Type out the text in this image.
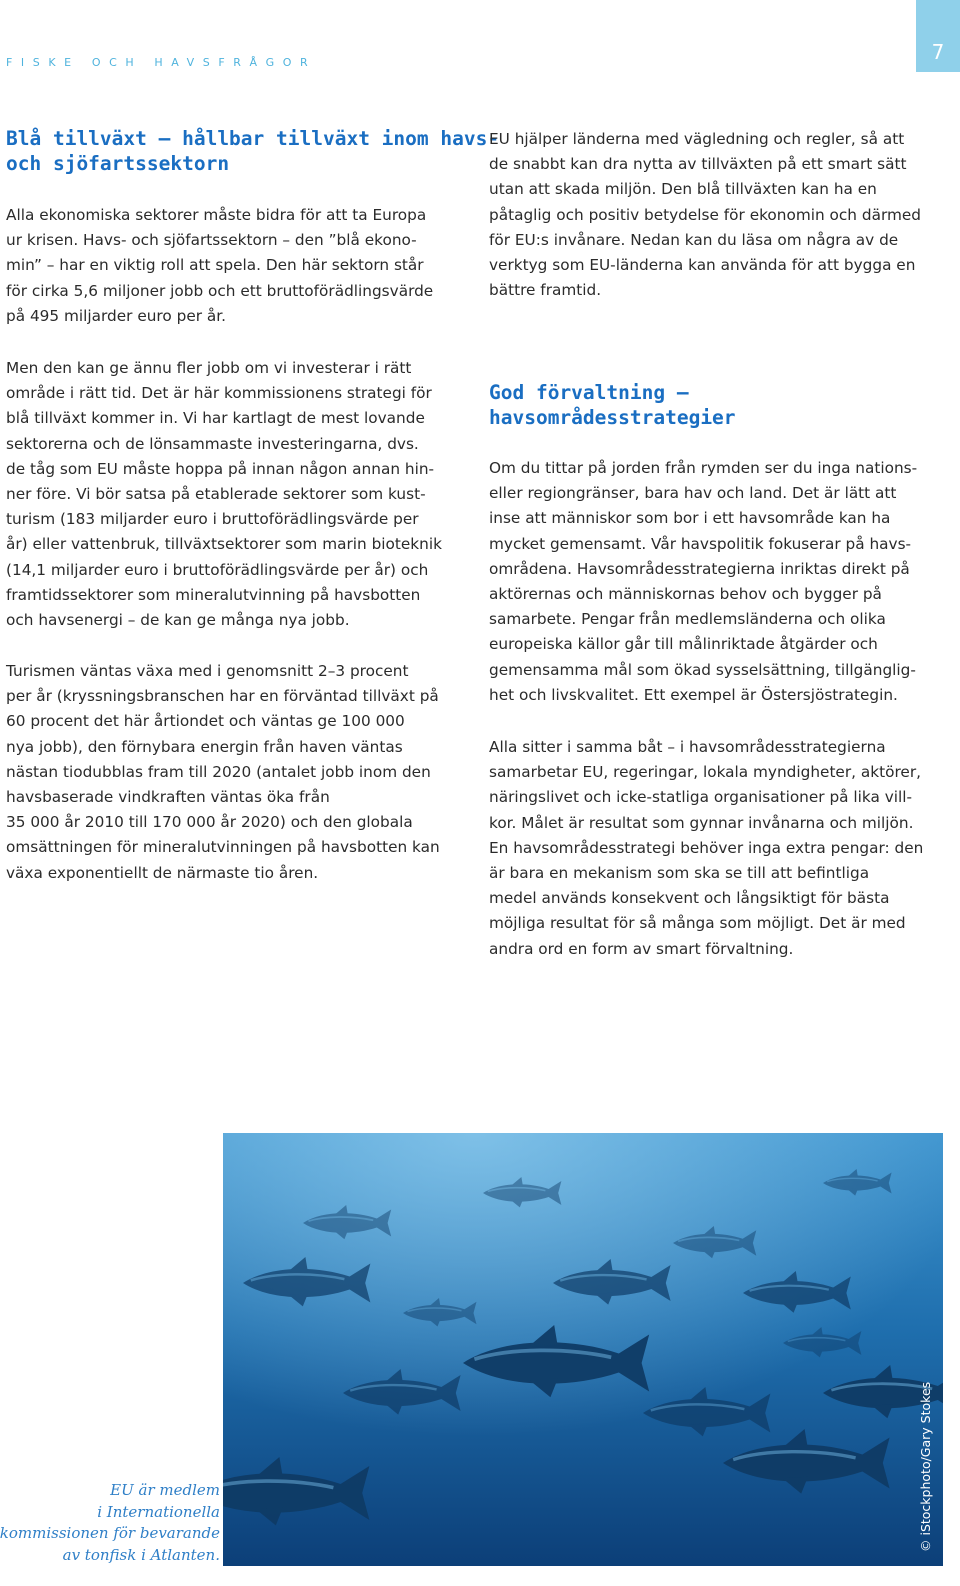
FISKE OCH HAVSFRÅGOR	7
Blå tillväxt – hållbar tillväxt inom havs-
och sjöfartssektorn
Alla ekonomiska sektorer måste bidra för att ta Europa
ur krisen. Havs- och sjöfartssektorn – den ”blå ekono-
min” – har en viktig roll att spela. Den här sektorn står
för cirka 5,6 miljoner jobb och ett bruttoförädlingsvärde
på 495 miljarder euro per år.
Men den kan ge ännu fler jobb om vi investerar i rätt
område i rätt tid. Det är här kommissionens strategi för
blå tillväxt kommer in. Vi har kartlagt de mest lovande
sektorerna och de lönsammaste investeringarna, dvs.
de tåg som EU måste hoppa på innan någon annan hin-
ner före. Vi bör satsa på etablerade sektorer som kust-
turism (183 miljarder euro i bruttoförädlingsvärde per
år) eller vattenbruk, tillväxtsektorer som marin bioteknik
(14,1 miljarder euro i bruttoförädlingsvärde per år) och
framtidssektorer som mineralutvinning på havsbotten
och havsenergi – de kan ge många nya jobb.
Turismen väntas växa med i genomsnitt 2–3 procent
per år (kryssningsbranschen har en förväntad tillväxt på
60 procent det här årtiondet och väntas ge 100 000
nya jobb), den förnybara energin från haven väntas
nästan tiodubblas fram till 2020 (antalet jobb inom den
havsbaserade vindkraften väntas öka från
35 000 år 2010 till 170 000 år 2020) och den globala
omsättningen för mineralutvinningen på havsbotten kan
växa exponentiellt de närmaste tio åren.
EU hjälper länderna med vägledning och regler, så att
de snabbt kan dra nytta av tillväxten på ett smart sätt
utan att skada miljön. Den blå tillväxten kan ha en
påtaglig och positiv betydelse för ekonomin och därmed
för EU:s invånare. Nedan kan du läsa om några av de
verktyg som EU-länderna kan använda för att bygga en
bättre framtid.
God förvaltning –
havsområdesstrategier
Om du tittar på jorden från rymden ser du inga nations-
eller regiongränser, bara hav och land. Det är lätt att
inse att människor som bor i ett havsområde kan ha
mycket gemensamt. Vår havspolitik fokuserar på havs-
områdena. Havsområdesstrategierna inriktas direkt på
aktörernas och människornas behov och bygger på
samarbete. Pengar från medlemsländerna och olika
europeiska källor går till målinriktade åtgärder och
gemensamma mål som ökad sysselsättning, tillgänglig-
het och livskvalitet. Ett exempel är Östersjöstrategin.
Alla sitter i samma båt – i havsområdesstrategierna
samarbetar EU, regeringar, lokala myndigheter, aktörer,
näringslivet och icke-statliga organisationer på lika vill-
kor. Målet är resultat som gynnar invånarna och miljön.
En havsområdesstrategi behöver inga extra pengar: den
är bara en mekanism som ska se till att befintliga
medel används konsekvent och långsiktigt för bästa
möjliga resultat för så många som möjligt. Det är med
andra ord en form av smart förvaltning.
EU är medlem
i Internationella
kommissionen för bevarande
av tonfisk i Atlanten.
© iStockphoto/Gary Stokes
